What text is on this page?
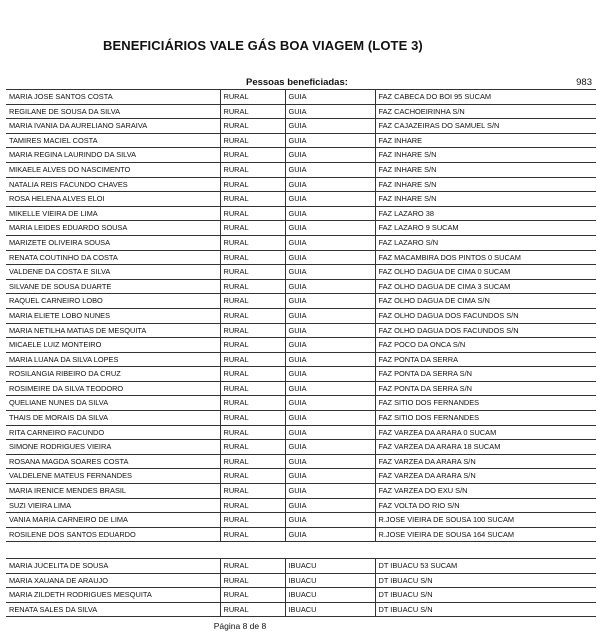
BENEFICIÁRIOS VALE GÁS BOA VIAGEM (LOTE 3)
Pessoas beneficiadas:	983
MARIA JOSE SANTOS COSTA	RURAL	GUIA	FAZ CABECA DO BOI 95 SUCAM
REGILANE DE SOUSA DA SILVA	RURAL	GUIA	FAZ CACHOEIRINHA S/N
MARIA IVANIA DA AURELIANO SARAIVA	RURAL	GUIA	FAZ CAJAZEIRAS DO SAMUEL S/N
TAMIRES MACIEL COSTA	RURAL	GUIA	FAZ INHARE
MARIA REGINA LAURINDO DA SILVA	RURAL	GUIA	FAZ INHARE S/N
MIKAELE ALVES DO NASCIMENTO	RURAL	GUIA	FAZ INHARE S/N
NATALIA REIS FACUNDO CHAVES	RURAL	GUIA	FAZ INHARE S/N
ROSA HELENA ALVES ELOI	RURAL	GUIA	FAZ INHARE S/N
MIKELLE VIEIRA DE LIMA	RURAL	GUIA	FAZ LAZARO 38
MARIA LEIDES EDUARDO SOUSA	RURAL	GUIA	FAZ LAZARO 9 SUCAM
MARIZETE OLIVEIRA SOUSA	RURAL	GUIA	FAZ LAZARO S/N
RENATA COUTINHO DA COSTA	RURAL	GUIA	FAZ MACAMBIRA DOS PINTOS 0 SUCAM
VALDENE DA COSTA E SILVA	RURAL	GUIA	FAZ OLHO DAGUA DE CIMA 0 SUCAM
SILVANE DE SOUSA DUARTE	RURAL	GUIA	FAZ OLHO DAGUA DE CIMA 3 SUCAM
RAQUEL CARNEIRO LOBO	RURAL	GUIA	FAZ OLHO DAGUA DE CIMA S/N
MARIA ELIETE LOBO NUNES	RURAL	GUIA	FAZ OLHO DAGUA DOS FACUNDOS S/N
MARIA NETILHA MATIAS DE MESQUITA	RURAL	GUIA	FAZ OLHO DAGUA DOS FACUNDOS S/N
MICAELE LUIZ MONTEIRO	RURAL	GUIA	FAZ POCO DA ONCA S/N
MARIA LUANA DA SILVA LOPES	RURAL	GUIA	FAZ PONTA DA SERRA
ROSILANGIA RIBEIRO DA CRUZ	RURAL	GUIA	FAZ PONTA DA SERRA S/N
ROSIMEIRE DA SILVA TEODORO	RURAL	GUIA	FAZ PONTA DA SERRA S/N
QUELIANE NUNES DA SILVA	RURAL	GUIA	FAZ SITIO DOS FERNANDES
THAIS DE MORAIS DA SILVA	RURAL	GUIA	FAZ SITIO DOS FERNANDES
RITA CARNEIRO FACUNDO	RURAL	GUIA	FAZ VARZEA DA ARARA 0 SUCAM
SIMONE RODRIGUES VIEIRA	RURAL	GUIA	FAZ VARZEA DA ARARA 18 SUCAM
ROSANA MAGDA SOARES COSTA	RURAL	GUIA	FAZ VARZEA DA ARARA S/N
VALDELENE MATEUS FERNANDES	RURAL	GUIA	FAZ VARZEA DA ARARA S/N
MARIA IRENICE MENDES BRASIL	RURAL	GUIA	FAZ VARZEA DO EXU S/N
SUZI VIEIRA LIMA	RURAL	GUIA	FAZ VOLTA DO RIO S/N
VANIA MARIA CARNEIRO DE LIMA	RURAL	GUIA	R.JOSE VIEIRA DE SOUSA 100 SUCAM
ROSILENE DOS SANTOS EDUARDO	RURAL	GUIA	R.JOSE VIEIRA DE SOUSA 164 SUCAM
MARIA JUCELITA DE SOUSA	RURAL	IBUACU	DT IBUACU 53 SUCAM
MARIA XAUANA DE ARAUJO	RURAL	IBUACU	DT IBUACU S/N
MARIA ZILDETH RODRIGUES MESQUITA	RURAL	IBUACU	DT IBUACU S/N
RENATA SALES DA SILVA	RURAL	IBUACU	DT IBUACU S/N
Página 8 de 8
